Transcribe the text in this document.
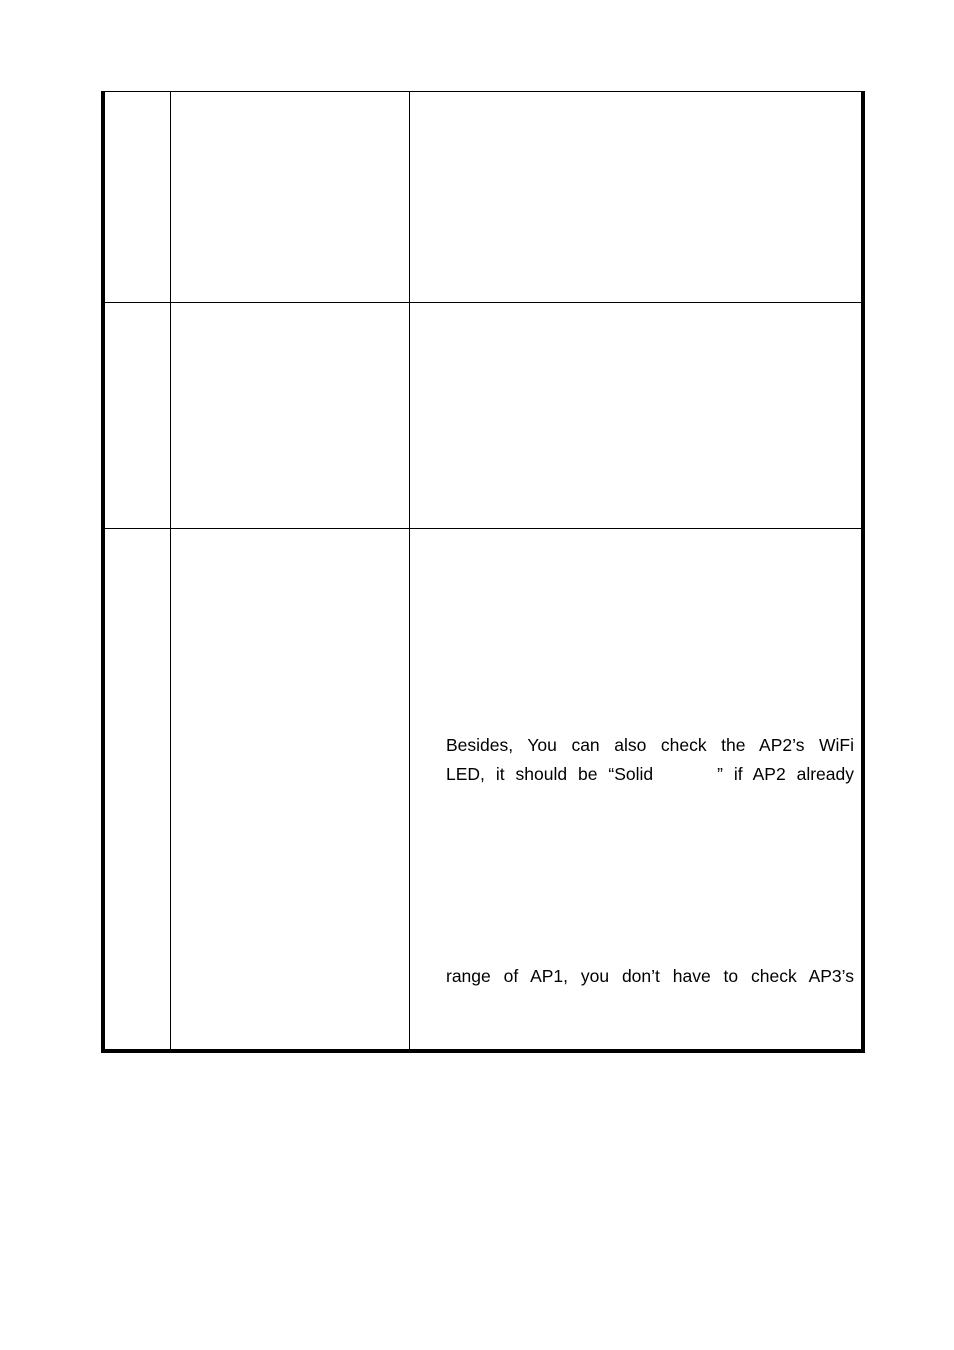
Besides, You can also check the AP2’s WiFi
LED, it should be “Solid	” if AP2 already
range of AP1, you don’t have to check AP3’s
